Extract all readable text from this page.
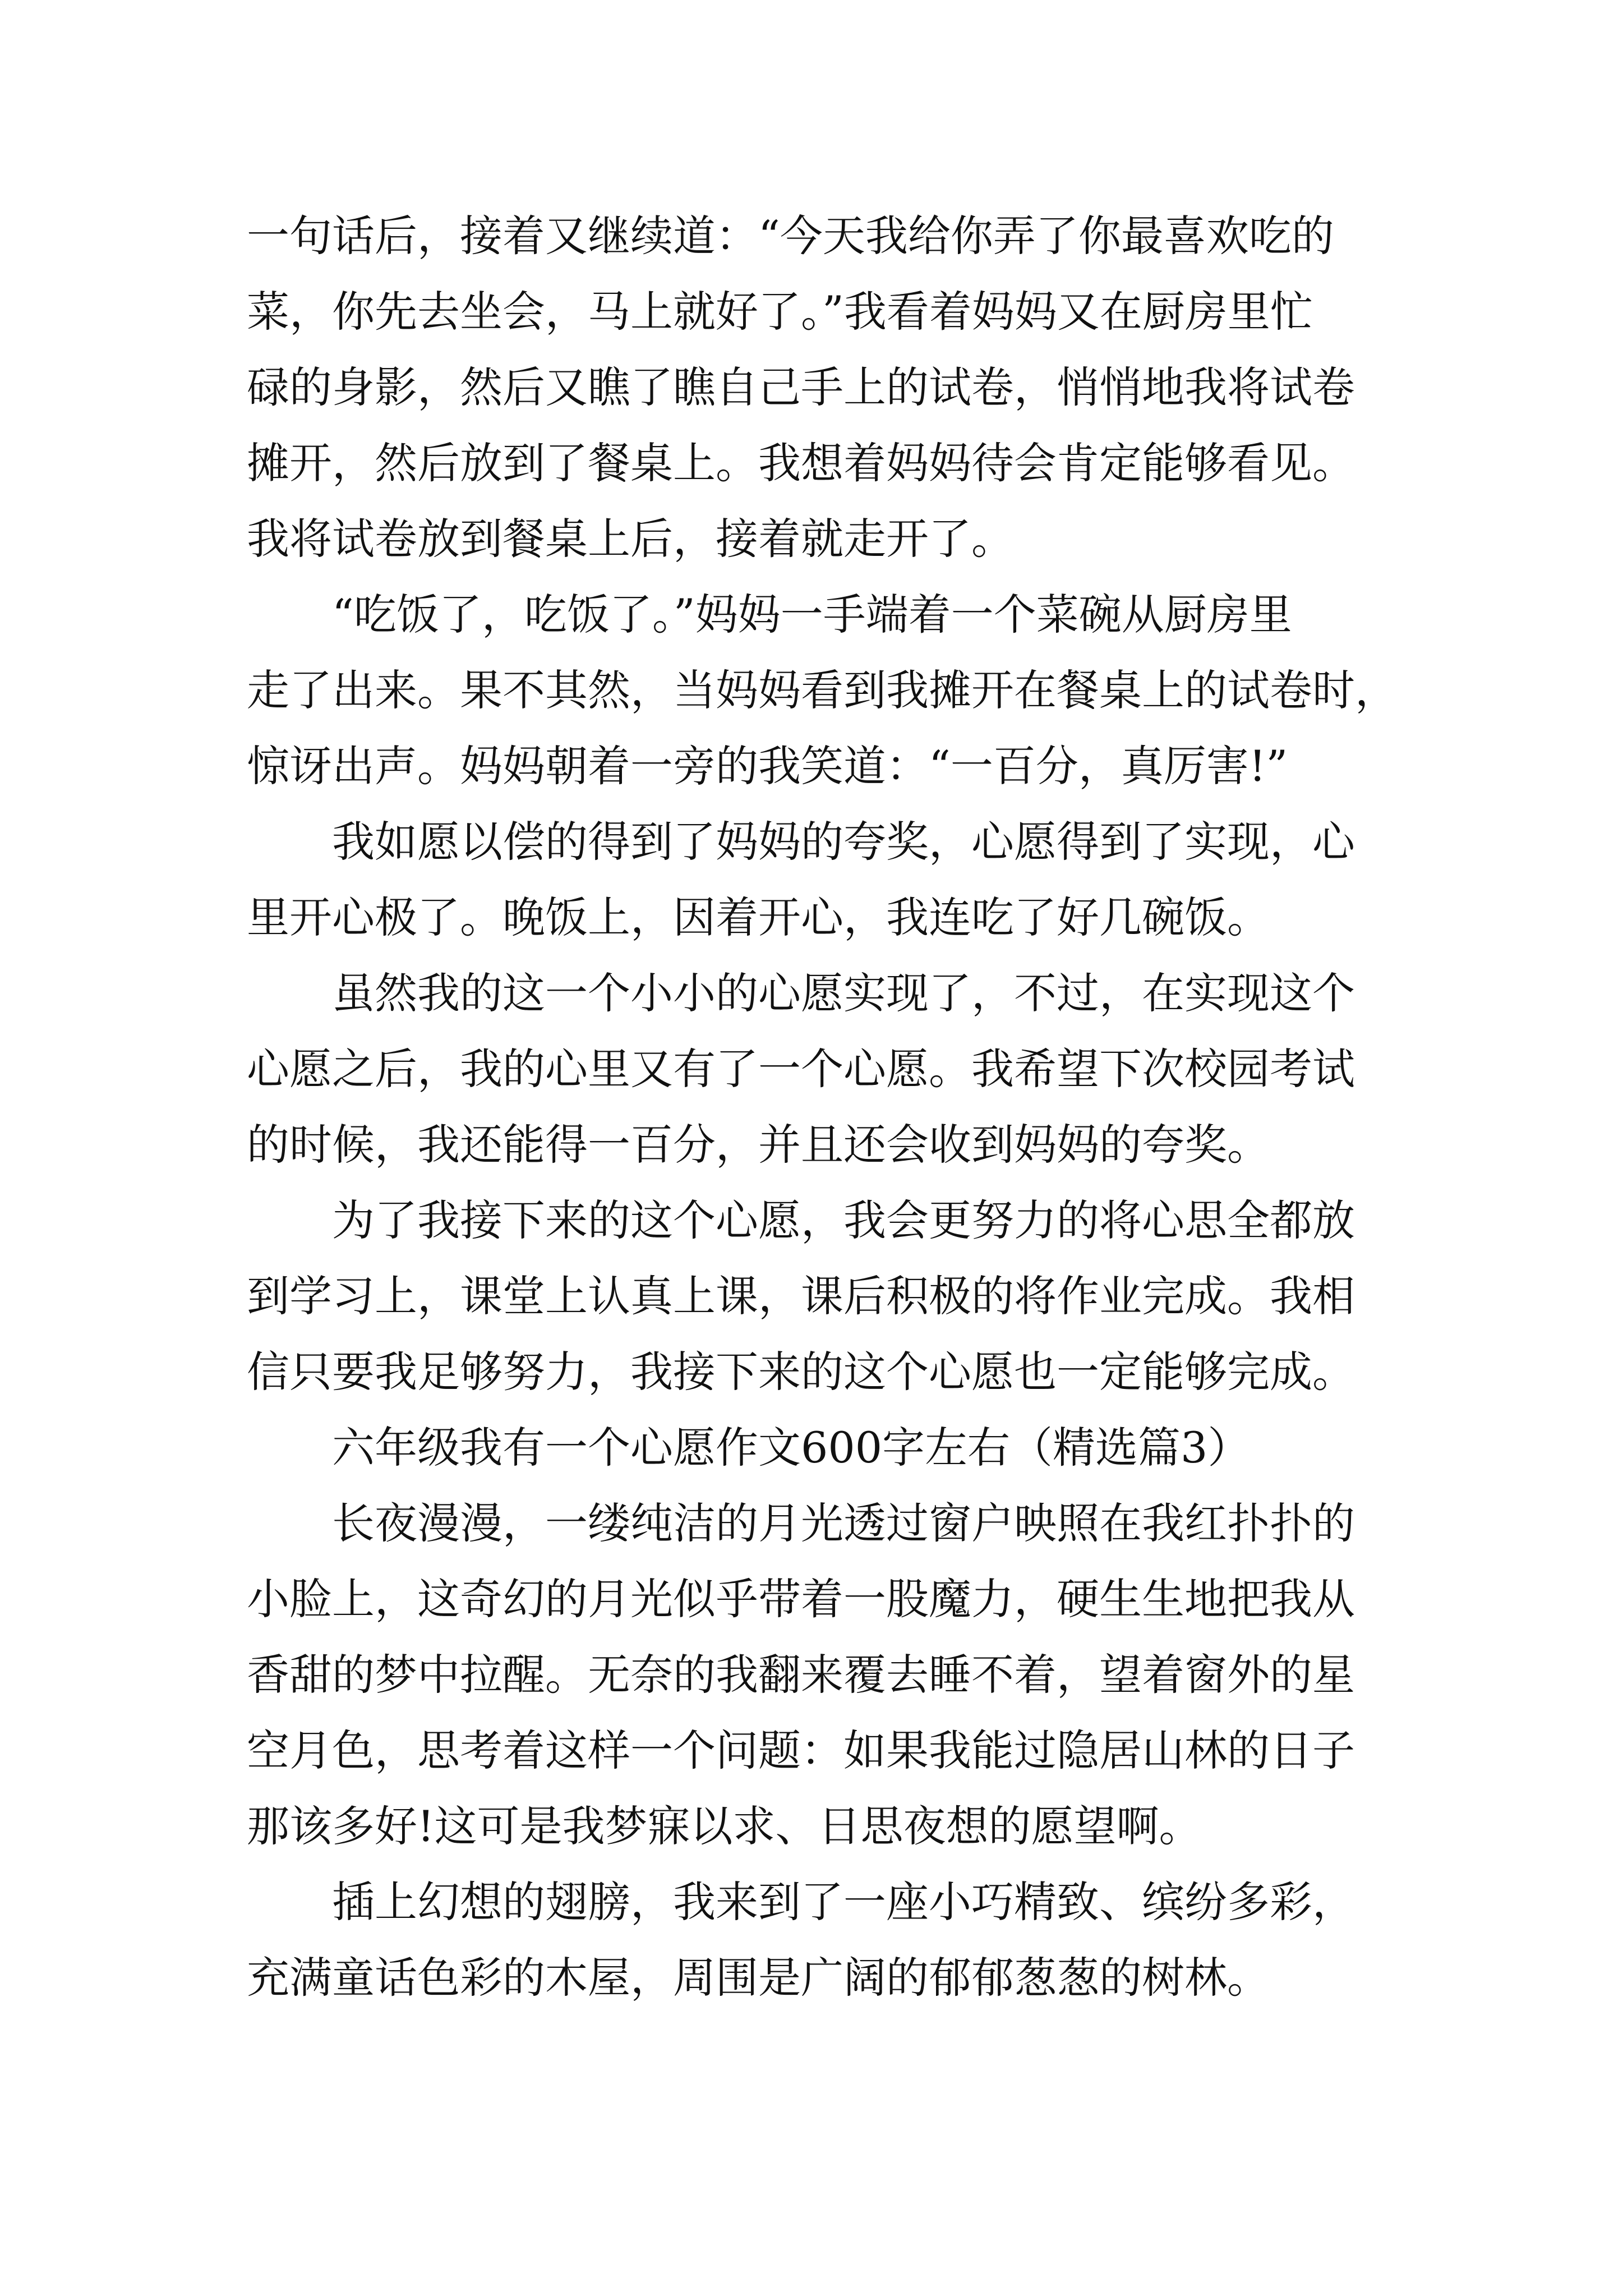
一句话后，接着又继续道：“今天我给你弄了你最喜欢吃的

菜，你先去坐会，马上就好了。”我看着妈妈又在厨房里忙

碌的身影，然后又瞧了瞧自己手上的试卷，悄悄地我将试卷

摊开，然后放到了餐桌上。我想着妈妈待会肯定能够看见。

我将试卷放到餐桌上后，接着就走开了。

“吃饭了，吃饭了。”妈妈一手端着一个菜碗从厨房里

走了出来。果不其然，当妈妈看到我摊开在餐桌上的试卷时，

惊讶出声。妈妈朝着一旁的我笑道：“一百分，真厉害!”

我如愿以偿的得到了妈妈的夸奖，心愿得到了实现，心

里开心极了。晚饭上，因着开心，我连吃了好几碗饭。

虽然我的这一个小小的心愿实现了，不过，在实现这个

心愿之后，我的心里又有了一个心愿。我希望下次校园考试

的时候，我还能得一百分，并且还会收到妈妈的夸奖。

为了我接下来的这个心愿，我会更努力的将心思全都放

到学习上，课堂上认真上课，课后积极的将作业完成。我相

信只要我足够努力，我接下来的这个心愿也一定能够完成。

六年级我有一个心愿作文600字左右（精选篇3）

长夜漫漫，一缕纯洁的月光透过窗户映照在我红扑扑的

小脸上，这奇幻的月光似乎带着一股魔力，硬生生地把我从

香甜的梦中拉醒。无奈的我翻来覆去睡不着，望着窗外的星

空月色，思考着这样一个问题：如果我能过隐居山林的日子

那该多好!这可是我梦寐以求、日思夜想的愿望啊。

插上幻想的翅膀，我来到了一座小巧精致、缤纷多彩，

充满童话色彩的木屋，周围是广阔的郁郁葱葱的树林。
